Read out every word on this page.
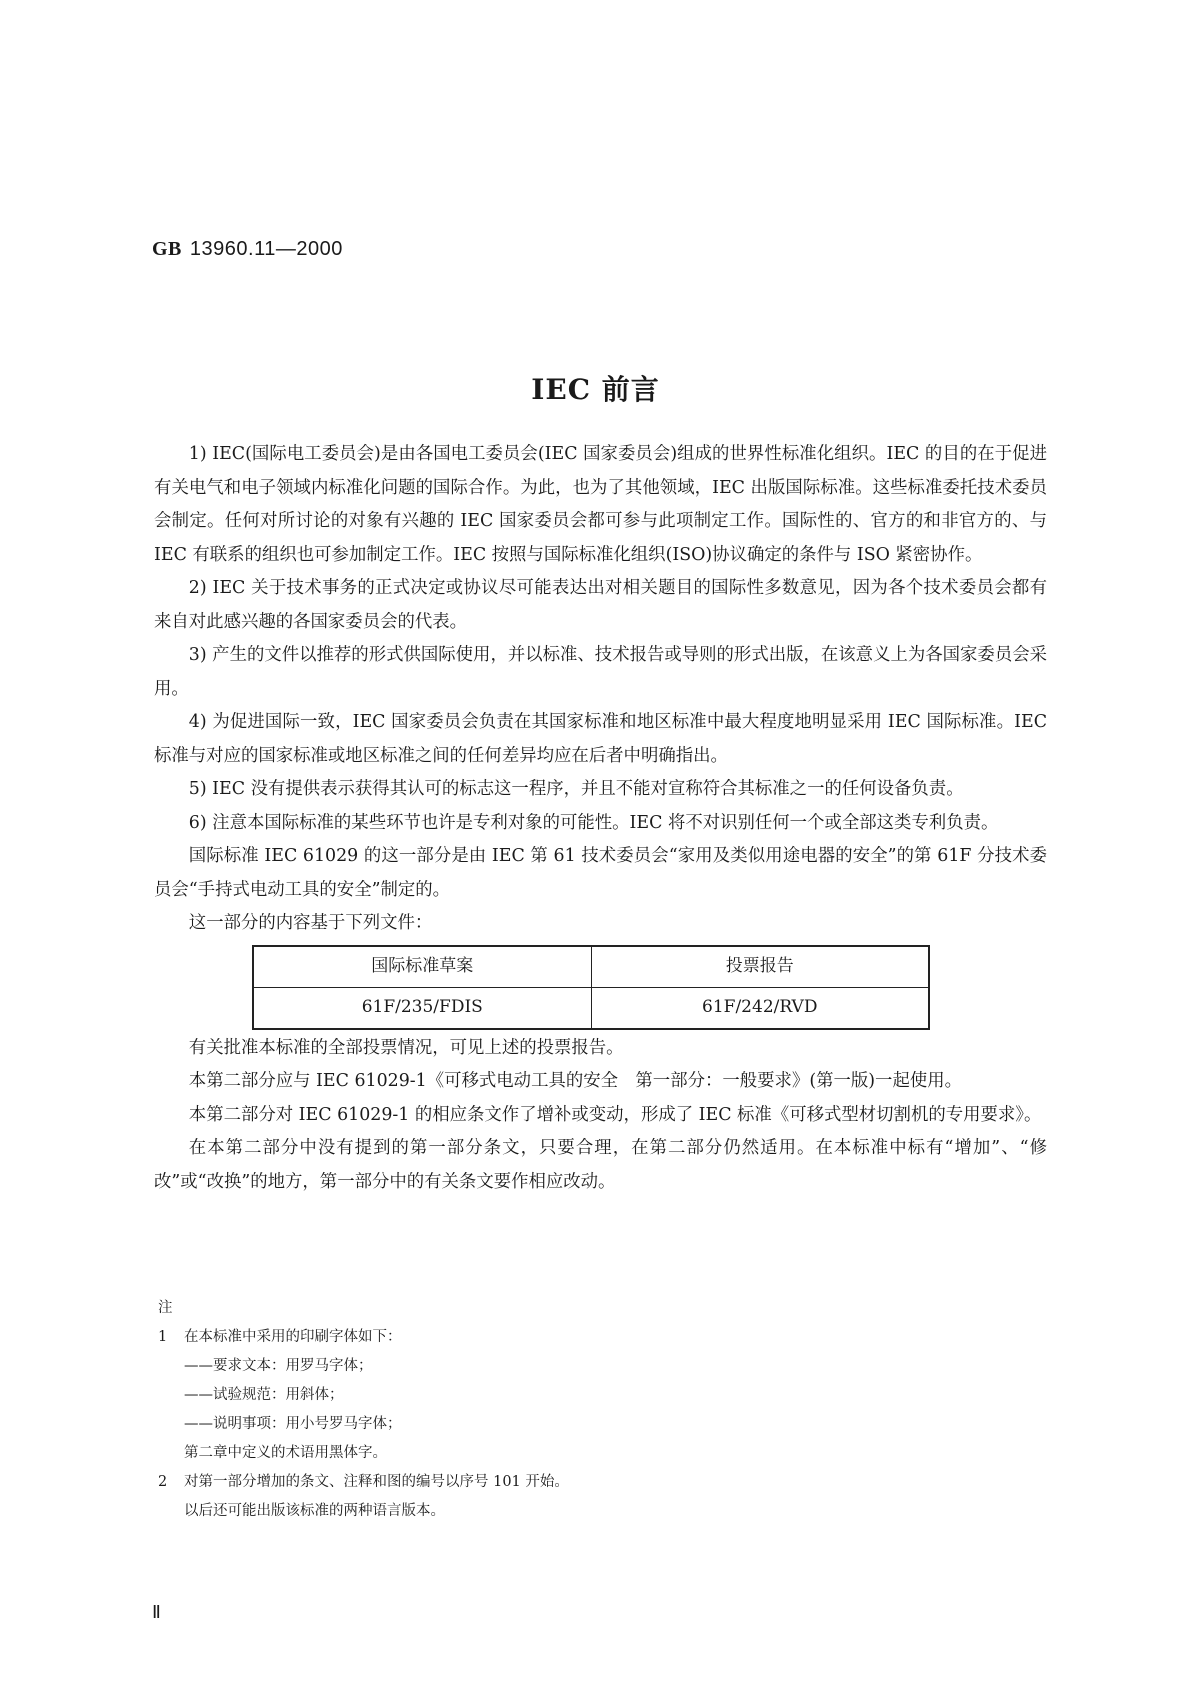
GB 13960.11—2000
IEC 前言

1) IEC(国际电工委员会)是由各国电工委员会(IEC 国家委员会)组成的世界性标准化组织。IEC 的目的在于促进有关电气和电子领域内标准化问题的国际合作。为此，也为了其他领域，IEC 出版国际标准。这些标准委托技术委员会制定。任何对所讨论的对象有兴趣的 IEC 国家委员会都可参与此项制定工作。国际性的、官方的和非官方的、与 IEC 有联系的组织也可参加制定工作。IEC 按照与国际标准化组织(ISO)协议确定的条件与 ISO 紧密协作。

2) IEC 关于技术事务的正式决定或协议尽可能表达出对相关题目的国际性多数意见，因为各个技术委员会都有来自对此感兴趣的各国家委员会的代表。

3) 产生的文件以推荐的形式供国际使用，并以标准、技术报告或导则的形式出版，在该意义上为各国家委员会采用。

4) 为促进国际一致，IEC 国家委员会负责在其国家标准和地区标准中最大程度地明显采用 IEC 国际标准。IEC 标准与对应的国家标准或地区标准之间的任何差异均应在后者中明确指出。

5) IEC 没有提供表示获得其认可的标志这一程序，并且不能对宣称符合其标准之一的任何设备负责。

6) 注意本国际标准的某些环节也许是专利对象的可能性。IEC 将不对识别任何一个或全部这类专利负责。

国际标准 IEC 61029 的这一部分是由 IEC 第 61 技术委员会“家用及类似用途电器的安全”的第 61F 分技术委员会“手持式电动工具的安全”制定的。

这一部分的内容基于下列文件：

国际标准草案	投票报告
61F/235/FDIS	61F/242/RVD

有关批准本标准的全部投票情况，可见上述的投票报告。

本第二部分应与 IEC 61029-1《可移式电动工具的安全　第一部分：一般要求》(第一版)一起使用。

本第二部分对 IEC 61029-1 的相应条文作了增补或变动，形成了 IEC 标准《可移式型材切割机的专用要求》。

在本第二部分中没有提到的第一部分条文，只要合理，在第二部分仍然适用。在本标准中标有“增加”、“修改”或“改换”的地方，第一部分中的有关条文要作相应改动。

注
1	在本标准中采用的印刷字体如下：
——要求文本：用罗马字体；
——试验规范：用斜体；
——说明事项：用小号罗马字体；
第二章中定义的术语用黑体字。
2	对第一部分增加的条文、注释和图的编号以序号 101 开始。
以后还可能出版该标准的两种语言版本。
Ⅱ
